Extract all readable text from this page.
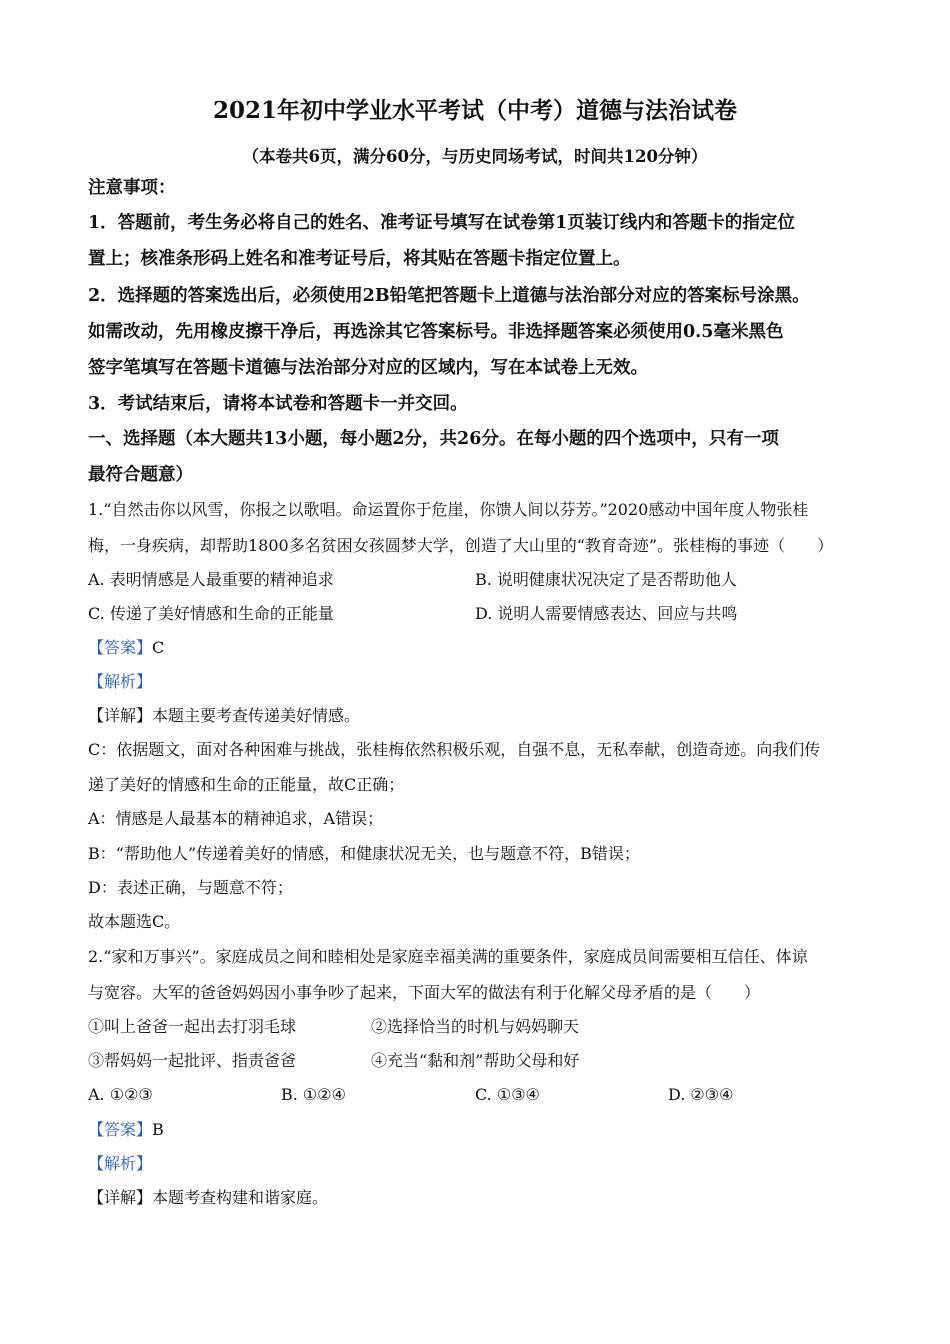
2021年初中学业水平考试（中考）道德与法治试卷
（本卷共6页，满分60分，与历史同场考试，时间共120分钟）
注意事项：
1．答题前，考生务必将自己的姓名、准考证号填写在试卷第1页装订线内和答题卡的指定位
置上；核准条形码上姓名和准考证号后，将其贴在答题卡指定位置上。
2．选择题的答案选出后，必须使用2B铅笔把答题卡上道德与法治部分对应的答案标号涂黑。
如需改动，先用橡皮擦干净后，再选涂其它答案标号。非选择题答案必须使用0.5毫米黑色
签字笔填写在答题卡道德与法治部分对应的区域内，写在本试卷上无效。
3．考试结束后，请将本试卷和答题卡一并交回。
一、选择题（本大题共13小题，每小题2分，共26分。在每小题的四个选项中，只有一项
最符合题意）
1.“自然击你以风雪，你报之以歌唱。命运置你于危崖，你馈人间以芬芳。”2020感动中国年度人物张桂
梅，一身疾病，却帮助1800多名贫困女孩圆梦大学，创造了大山里的“教育奇迹”。张桂梅的事迹（　　）
A. 表明情感是人最重要的精神追求	B. 说明健康状况决定了是否帮助他人
C. 传递了美好情感和生命的正能量	D. 说明人需要情感表达、回应与共鸣
【答案】C
【解析】
【详解】本题主要考查传递美好情感。
C：依据题文，面对各种困难与挑战，张桂梅依然积极乐观，自强不息，无私奉献，创造奇迹。向我们传
递了美好的情感和生命的正能量，故C正确；
A：情感是人最基本的精神追求，A错误；
B：“帮助他人”传递着美好的情感，和健康状况无关，也与题意不符，B错误；
D：表述正确，与题意不符；
故本题选C。
2.“家和万事兴”。家庭成员之间和睦相处是家庭幸福美满的重要条件，家庭成员间需要相互信任、体谅
与宽容。大军的爸爸妈妈因小事争吵了起来，下面大军的做法有利于化解父母矛盾的是（　　）
①叫上爸爸一起出去打羽毛球	②选择恰当的时机与妈妈聊天
③帮妈妈一起批评、指责爸爸	④充当“黏和剂”帮助父母和好
A. ①②③	B. ①②④	C. ①③④	D. ②③④
【答案】B
【解析】
【详解】本题考查构建和谐家庭。
